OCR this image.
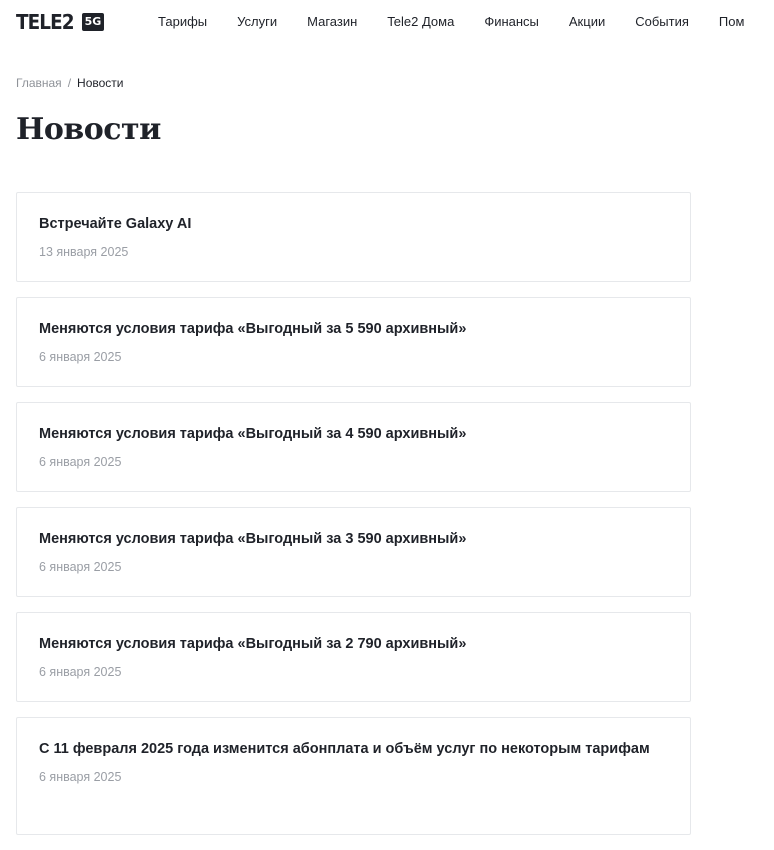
TELE2 5G	Тарифы Услуги Магазин Tele2 Дома Финансы Акции События Пом
Главная / Новости
Новости

Встречайте Galaxy AI

13 января 2025

Меняются условия тарифа «Выгодный за 5 590 архивный»

6 января 2025

Меняются условия тарифа «Выгодный за 4 590 архивный»

6 января 2025

Меняются условия тарифа «Выгодный за 3 590 архивный»

6 января 2025

Меняются условия тарифа «Выгодный за 2 790 архивный»

6 января 2025

С 11 февраля 2025 года изменится абонплата и объём услуг по некоторым тарифам

6 января 2025
